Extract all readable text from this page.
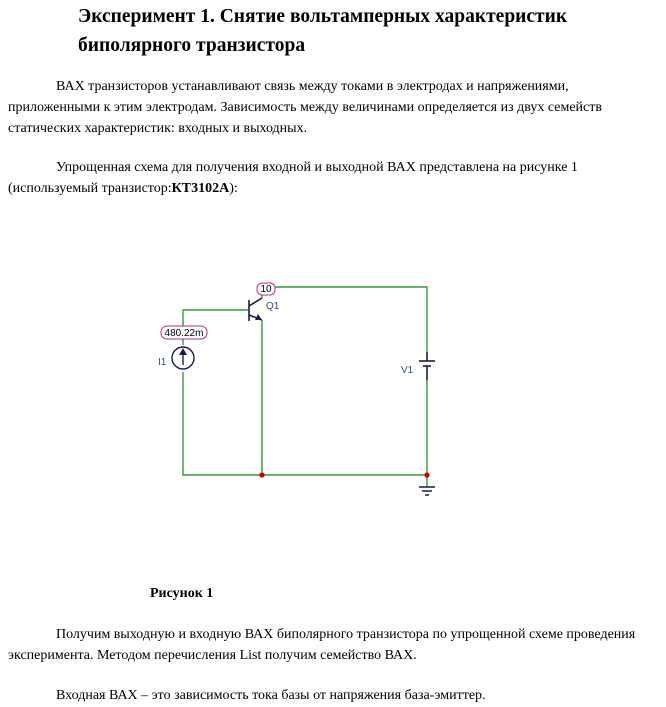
Эксперимент 1. Снятие вольтамперных характеристик
биполярного транзистора

ВАХ транзисторов устанавливают связь между токами в электродах и напряжениями, приложенными к этим электродам. Зависимость между величинами определяется из двух семейств статических характеристик: входных и выходных.

Упрощенная схема для получения входной и выходной ВАХ представлена на рисунке 1 (используемый транзистор:КТ3102А):

480.22m
I1
Q1
10
V1

Рисунок 1

Получим выходную и входную ВАХ биполярного транзистора по упрощенной схеме проведения эксперимента. Методом перечисления List получим семейство ВАХ.

Входная ВАХ – это зависимость тока базы от напряжения база-эмиттер.
